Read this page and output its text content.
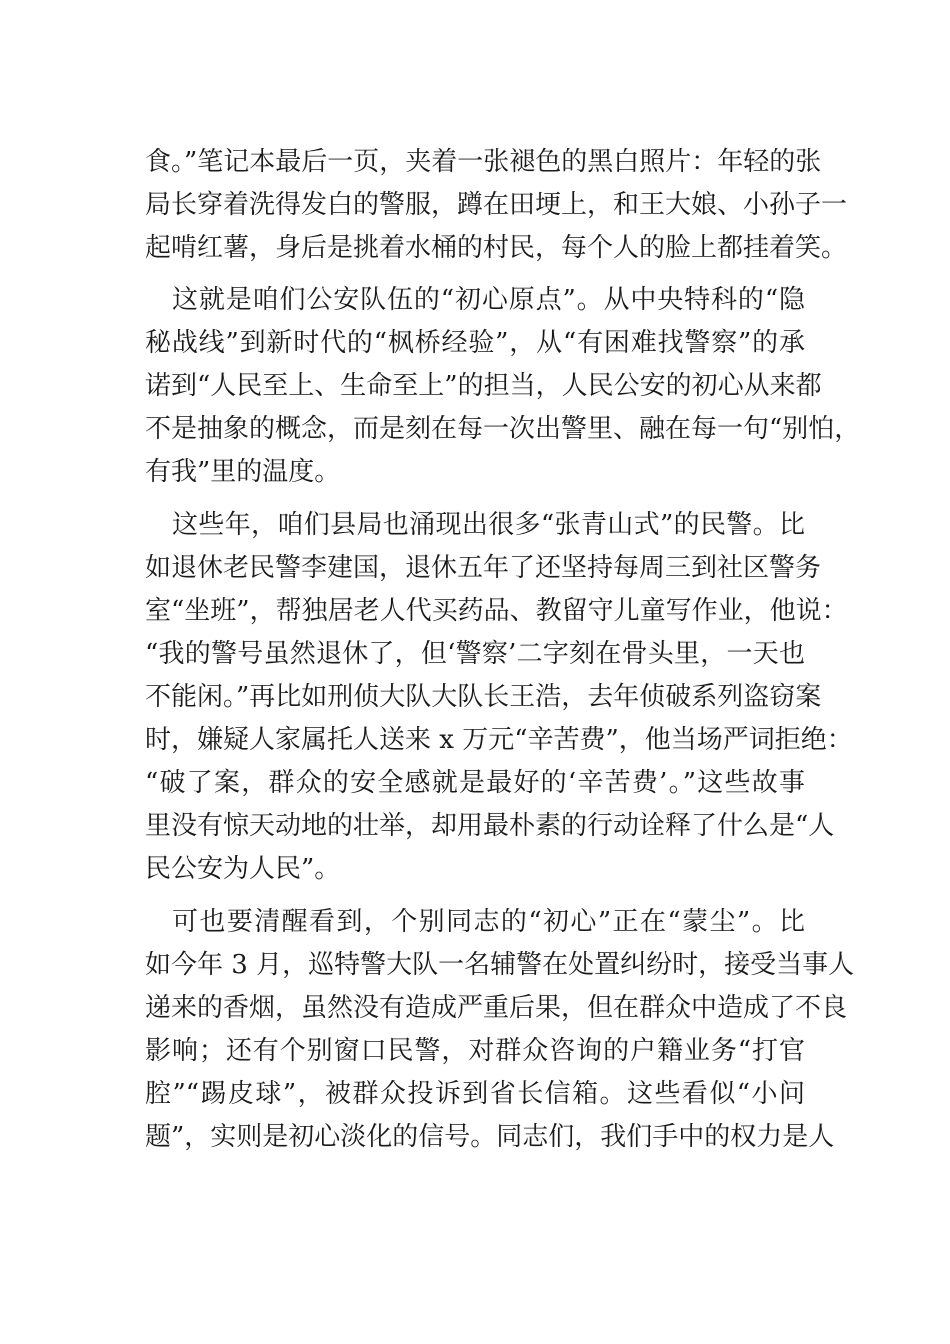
食。”笔记本最后一页，夹着一张褪色的黑白照片：年轻的张
局长穿着洗得发白的警服，蹲在田埂上，和王大娘、小孙子一
起啃红薯，身后是挑着水桶的村民，每个人的脸上都挂着笑。
这就是咱们公安队伍的“初心原点”。从中央特科的“隐
秘战线”到新时代的“枫桥经验”，从“有困难找警察”的承
诺到“人民至上、生命至上”的担当，人民公安的初心从来都
不是抽象的概念，而是刻在每一次出警里、融在每一句“别怕，
有我”里的温度。
这些年，咱们县局也涌现出很多“张青山式”的民警。比
如退休老民警李建国，退休五年了还坚持每周三到社区警务
室“坐班”，帮独居老人代买药品、教留守儿童写作业，他说：
“我的警号虽然退休了，但‘警察’二字刻在骨头里，一天也
不能闲。”再比如刑侦大队大队长王浩，去年侦破系列盗窃案
时，嫌疑人家属托人送来 x 万元“辛苦费”，他当场严词拒绝：
“破了案，群众的安全感就是最好的‘辛苦费’。”这些故事
里没有惊天动地的壮举，却用最朴素的行动诠释了什么是“人
民公安为人民”。
可也要清醒看到，个别同志的“初心”正在“蒙尘”。比
如今年 3 月，巡特警大队一名辅警在处置纠纷时，接受当事人
递来的香烟，虽然没有造成严重后果，但在群众中造成了不良
影响；还有个别窗口民警，对群众咨询的户籍业务“打官
腔”“踢皮球”，被群众投诉到省长信箱。这些看似“小问
题”，实则是初心淡化的信号。同志们，我们手中的权力是人
